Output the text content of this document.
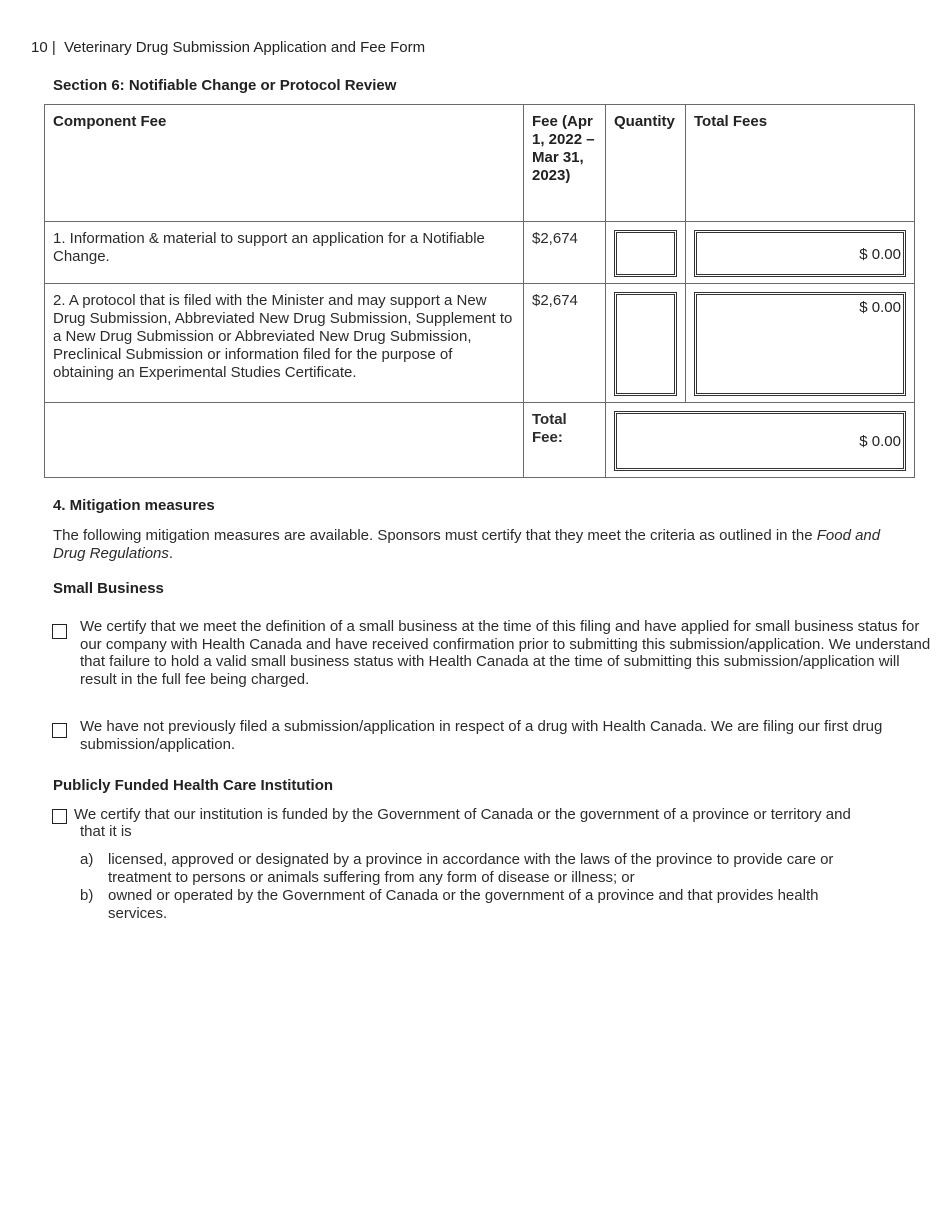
10 |  Veterinary Drug Submission Application and Fee Form
Section 6: Notifiable Change or Protocol Review
Component Fee	Fee (Apr 1, 2022 – Mar 31, 2023)	Quantity	Total Fees
1. Information & material to support an application for a Notifiable Change.	$2,674		$ 0.00

2. A protocol that is filed with the Minister and may support a New Drug Submission, Abbreviated New Drug Submission, Supplement to a New Drug Submission or Abbreviated New Drug Submission, Preclinical Submission or information filed for the purpose of obtaining an Experimental Studies Certificate.	$2,674		$ 0.00

	Total Fee:	$ 0.00	
4. Mitigation measures
The following mitigation measures are available. Sponsors must certify that they meet the criteria as outlined in the Food and Drug Regulations.
Small Business
We certify that we meet the definition of a small business at the time of this filing and have applied for small business status for our company with Health Canada and have received confirmation prior to submitting this submission/application. We understand that failure to hold a valid small business status with Health Canada at the time of submitting this submission/application will result in the full fee being charged.
We have not previously filed a submission/application in respect of a drug with Health Canada. We are filing our first drug submission/application.
Publicly Funded Health Care Institution
We certify that our institution is funded by the Government of Canada or the government of a province or territory and
that it is
a) licensed, approved or designated by a province in accordance with the laws of the province to provide care or treatment to persons or animals suffering from any form of disease or illness; or
b) owned or operated by the Government of Canada or the government of a province and that provides health services.
